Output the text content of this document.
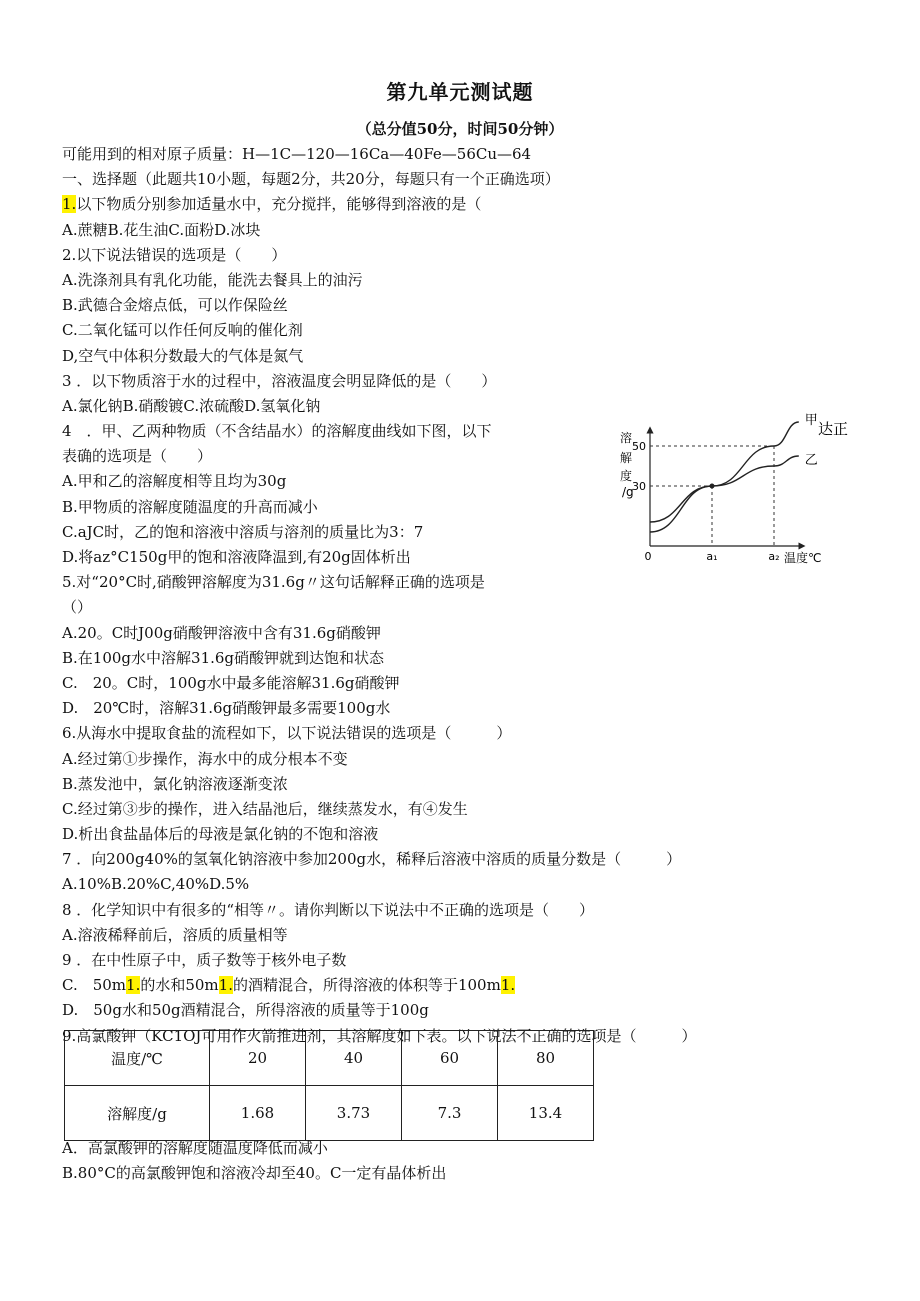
第九单元测试题
（总分值50分，时间50分钟）
可能用到的相对原子质量：H—1C—120—16Ca—40Fe—56Cu—64
一、选择题（此题共10小题，每题2分，共20分，每题只有一个正确选项）
1.以下物质分别参加适量水中，充分搅拌，能够得到溶液的是（
A.蔗糖B.花生油C.面粉D.冰块
2.以下说法错误的选项是（　　）
A.洗涤剂具有乳化功能，能洗去餐具上的油污
B.武德合金熔点低，可以作保险丝
C.二氧化锰可以作任何反响的催化剂
D,空气中体积分数最大的气体是氮气
3 ．以下物质溶于水的过程中，溶液温度会明显降低的是（　　）
A.氯化钠B.硝酸镀C.浓硫酸D.氢氧化钠
4　．甲、乙两种物质（不含结晶水）的溶解度曲线如下图，以下
表确的选项是（　　）
A.甲和乙的溶解度相等且均为30g
B.甲物质的溶解度随温度的升高而减小
C.aJC时，乙的饱和溶液中溶质与溶剂的质量比为3：7
D.将az°C150g甲的饱和溶液降温到,有20g固体析出
5.对“20°C时,硝酸钾溶解度为31.6g〃这句话解释正确的选项是
（）
A.20。C时J00g硝酸钾溶液中含有31.6g硝酸钾
B.在100g水中溶解31.6g硝酸钾就到达饱和状态
C.　20。C时，100g水中最多能溶解31.6g硝酸钾
D.　20℃时，溶解31.6g硝酸钾最多需要100g水
6.从海水中提取食盐的流程如下，以下说法错误的选项是（　　　）
A.经过第①步操作，海水中的成分根本不变
B.蒸发池中，氯化钠溶液逐渐变浓
C.经过第③步的操作，进入结晶池后，继续蒸发水，有④发生
D.析出食盐晶体后的母液是氯化钠的不饱和溶液
7 ．向200g40%的氢氧化钠溶液中参加200g水，稀释后溶液中溶质的质量分数是（　　　）
A.10%B.20%C,40%D.5%
8 ．化学知识中有很多的“相等〃。请你判断以下说法中不正确的选项是（　　）
A.溶液稀释前后，溶质的质量相等
9 ．在中性原子中，质子数等于核外电子数
C.　50m1.的水和50m1.的酒精混合，所得溶液的体积等于100m1.
D.　50g水和50g酒精混合，所得溶液的质量等于100g
9.高氯酸钾（KC1OJ可用作火箭推进剂，其溶解度如下表。以下说法不正确的选项是（　　　）
溶
解
度
/g
甲
乙
30
50
a₁	a₂
0	温度℃
达正
温度/℃	20	40	60	80
溶解度/g	1.68	3.73	7.3	13.4
A．高氯酸钾的溶解度随温度降低而减小
B.80°C的高氯酸钾饱和溶液冷却至40。C一定有晶体析出
